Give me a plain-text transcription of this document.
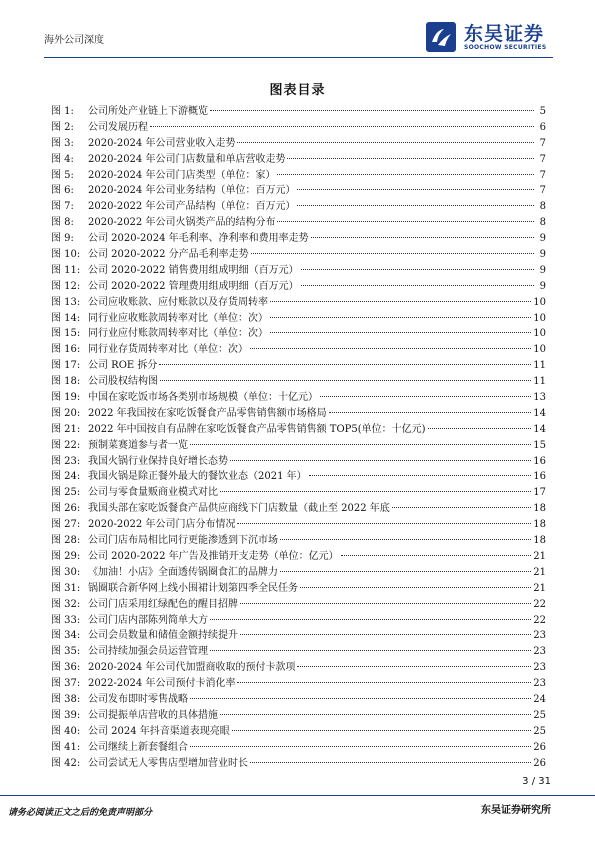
海外公司深度	东吴证券
SOOCHOW SECURITIES
图表目录
图 1:	公司所处产业链上下游概览	5
图 2:	公司发展历程	6
图 3:	2020-2024 年公司营业收入走势	7
图 4:	2020-2024 年公司门店数量和单店营收走势	7
图 5:	2020-2024 年公司门店类型（单位：家）	7
图 6:	2020-2024 年公司业务结构（单位：百万元）	7
图 7:	2020-2022 年公司产品结构（单位：百万元）	8
图 8:	2020-2022 年公司火锅类产品的结构分布	8
图 9:	公司 2020-2024 年毛利率、净利率和费用率走势	9
图 10: 公司 2020-2022 分产品毛利率走势	9
图 11: 公司 2020-2022 销售费用组成明细（百万元）	9
图 12: 公司 2020-2022 管理费用组成明细（百万元）	9
图 13: 公司应收账款、应付账款以及存货周转率	10
图 14: 同行业应收账款周转率对比（单位：次）	10
图 15: 同行业应付账款周转率对比（单位：次）	10
图 16: 同行业存货周转率对比（单位：次）	10
图 17: 公司 ROE 拆分	11
图 18: 公司股权结构图	11
图 19: 中国在家吃饭市场各类别市场规模（单位：十亿元）	13
图 20: 2022 年我国按在家吃饭餐食产品零售销售额市场格局	14
图 21: 2022 年中国按自有品牌在家吃饭餐食产品零售销售额 TOP5(单位：十亿元)	14
图 22: 预制菜赛道参与者一览	15
图 23: 我国火锅行业保持良好增长态势	16
图 24: 我国火锅是除正餐外最大的餐饮业态（2021 年）	16
图 25: 公司与零食量贩商业模式对比	17
图 26: 我国头部在家吃饭餐食产品供应商线下门店数量（截止至 2022 年底	18
图 27: 2020-2022 年公司门店分布情况	18
图 28: 公司门店布局相比同行更能渗透到下沉市场	18
图 29: 公司 2020-2022 年广告及推销开支走势（单位：亿元）	21
图 30: 《加油！小店》全面透传锅圈食汇的品牌力	21
图 31: 锅圈联合新华网上线小围裙计划第四季全民任务	21
图 32: 公司门店采用红绿配色的醒目招牌	22
图 33: 公司门店内部陈列简单大方	22
图 34: 公司会员数量和储值金额持续提升	23
图 35: 公司持续加强会员运营管理	23
图 36: 2020-2024 年公司代加盟商收取的预付卡款项	23
图 37: 2022-2024 年公司预付卡消化率	23
图 38: 公司发布即时零售战略	24
图 39: 公司提振单店营收的具体措施	25
图 40: 公司 2024 年抖音渠道表现亮眼	25
图 41: 公司继续上新套餐组合	26
图 42: 公司尝试无人零售店型增加营业时长	26
3 / 31
请务必阅读正文之后的免责声明部分	东吴证券研究所
